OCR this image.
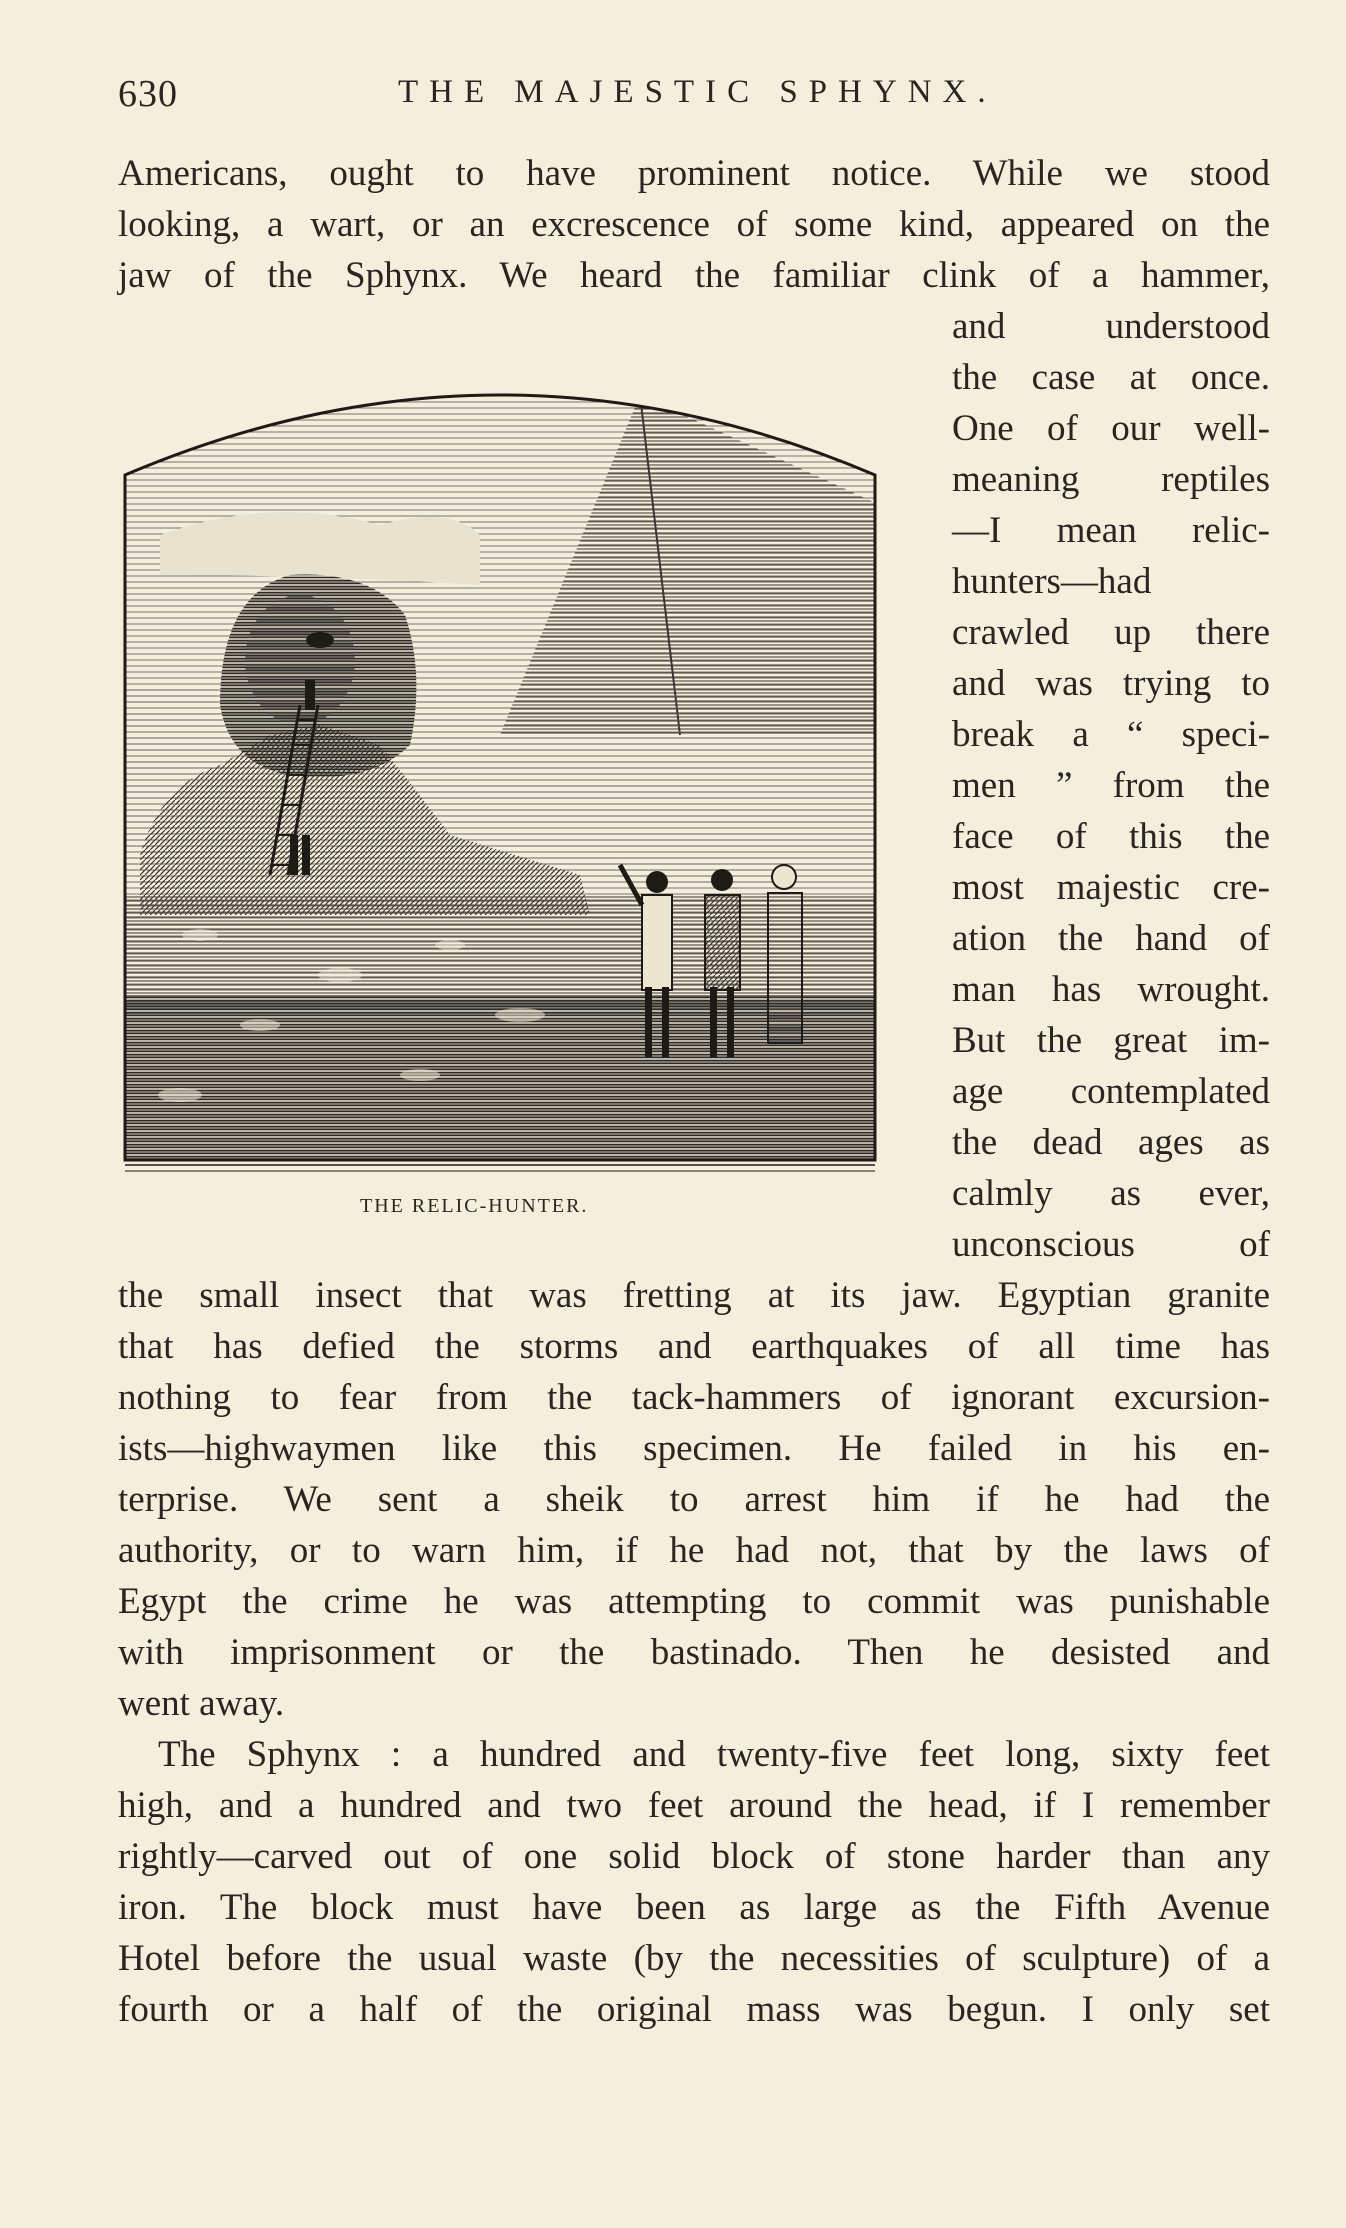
630	THE MAJESTIC SPHYNX.
Americans, ought to have prominent notice. While we stood
looking, a wart, or an excrescence of some kind, appeared on the
jaw of the Sphynx. We heard the familiar clink of a hammer,
and understood
the case at once.
One of our well-
meaning reptiles
—I mean relic-
hunters—had
crawled up there
and was trying to
break a “ speci-
men ” from the
face of this the
most majestic cre-
ation the hand of
man has wrought.
But the great im-
age contemplated
the dead ages as
calmly as ever,
unconscious of
the small insect that was fretting at its jaw. Egyptian granite
that has defied the storms and earthquakes of all time has
nothing to fear from the tack-hammers of ignorant excursion-
ists—highwaymen like this specimen. He failed in his en-
terprise. We sent a sheik to arrest him if he had the
authority, or to warn him, if he had not, that by the laws of
Egypt the crime he was attempting to commit was punishable
with imprisonment or the bastinado. Then he desisted and
went away.
The Sphynx : a hundred and twenty-five feet long, sixty feet
high, and a hundred and two feet around the head, if I remember
rightly—carved out of one solid block of stone harder than any
iron. The block must have been as large as the Fifth Avenue
Hotel before the usual waste (by the necessities of sculpture) of a
fourth or a half of the original mass was begun. I only set
THE RELIC-HUNTER.
